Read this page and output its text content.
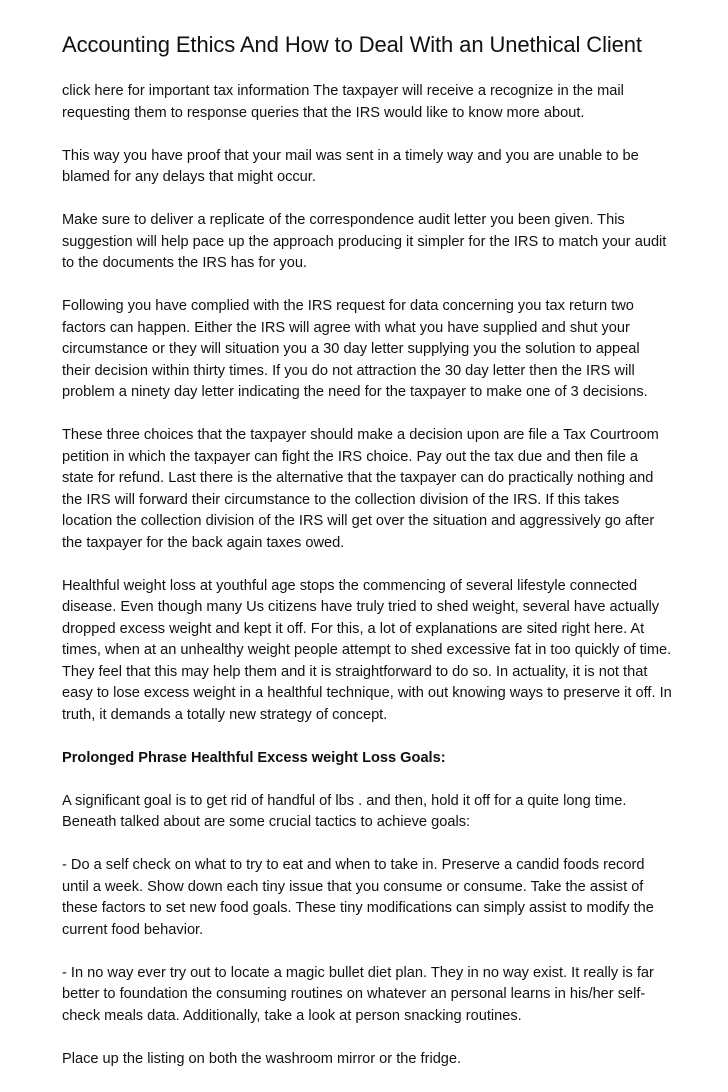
Accounting Ethics And How to Deal With an Unethical Client

click here for important tax information The taxpayer will receive a recognize in the mail requesting them to response queries that the IRS would like to know more about.

This way you have proof that your mail was sent in a timely way and you are unable to be blamed for any delays that might occur.

Make sure to deliver a replicate of the correspondence audit letter you been given. This suggestion will help pace up the approach producing it simpler for the IRS to match your audit to the documents the IRS has for you.

Following you have complied with the IRS request for data concerning you tax return two factors can happen. Either the IRS will agree with what you have supplied and shut your circumstance or they will situation you a 30 day letter supplying you the solution to appeal their decision within thirty times. If you do not attraction the 30 day letter then the IRS will problem a ninety day letter indicating the need for the taxpayer to make one of 3 decisions.

These three choices that the taxpayer should make a decision upon are file a Tax Courtroom petition in which the taxpayer can fight the IRS choice. Pay out the tax due and then file a state for refund. Last there is the alternative that the taxpayer can do practically nothing and the IRS will forward their circumstance to the collection division of the IRS. If this takes location the collection division of the IRS will get over the situation and aggressively go after the taxpayer for the back again taxes owed.

Healthful weight loss at youthful age stops the commencing of several lifestyle connected disease. Even though many Us citizens have truly tried to shed weight, several have actually dropped excess weight and kept it off. For this, a lot of explanations are sited right here. At times, when at an unhealthy weight people attempt to shed excessive fat in too quickly of time. They feel that this may help them and it is straightforward to do so. In actuality, it is not that easy to lose excess weight in a healthful technique, with out knowing ways to preserve it off. In truth, it demands a totally new strategy of concept.

Prolonged Phrase Healthful Excess weight Loss Goals:

A significant goal is to get rid of handful of lbs . and then, hold it off for a quite long time. Beneath talked about are some crucial tactics to achieve goals:

- Do a self check on what to try to eat and when to take in. Preserve a candid foods record until a week. Show down each tiny issue that you consume or consume. Take the assist of these factors to set new food goals. These tiny modifications can simply assist to modify the current food behavior.

- In no way ever try out to locate a magic bullet diet plan. They in no way exist. It really is far better to foundation the consuming routines on whatever an personal learns in his/her self-check meals data. Additionally, take a look at person snacking routines.

Place up the listing on both the washroom mirror or the fridge.
